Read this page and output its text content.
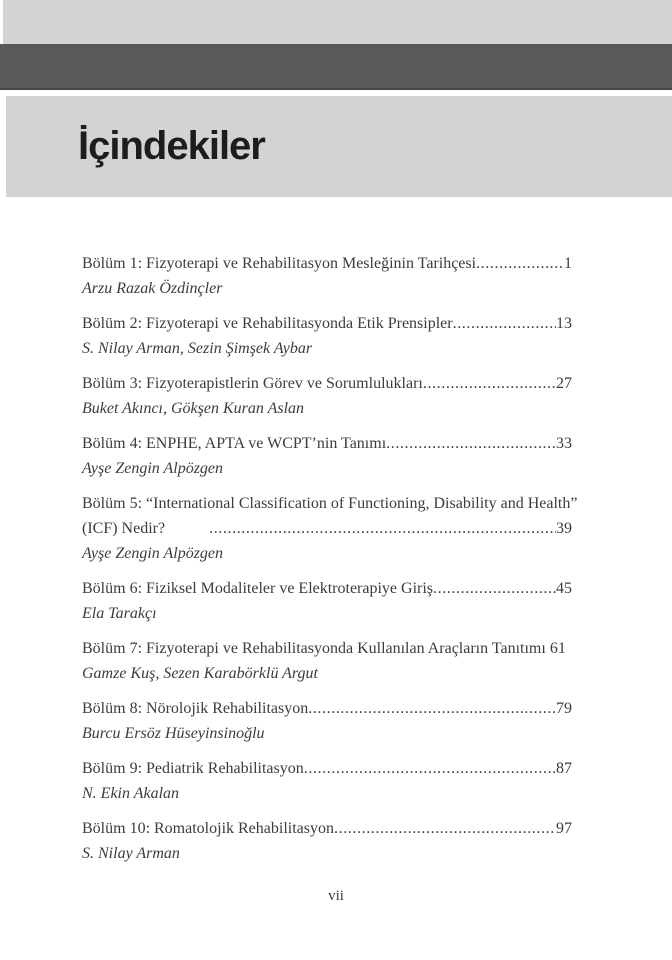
İçindekiler
Bölüm 1: Fizyoterapi ve Rehabilitasyon Mesleğinin Tarihçesi .....	1
Arzu Razak Özdinçler
Bölüm 2: Fizyoterapi ve Rehabilitasyonda Etik Prensipler .....	13
S. Nilay Arman, Sezin Şimşek Aybar
Bölüm 3: Fizyoterapistlerin Görev ve Sorumlulukları .....	27
Buket Akıncı, Gökşen Kuran Aslan
Bölüm 4: ENPHE, APTA ve WCPT’nin Tanımı .....	33
Ayşe Zengin Alpözgen
Bölüm 5: “International Classification of Functioning, Disability and Health”
(ICF) Nedir? .....	39
Ayşe Zengin Alpözgen
Bölüm 6: Fiziksel Modaliteler ve Elektroterapiye Giriş .....	45
Ela Tarakçı
Bölüm 7: Fizyoterapi ve Rehabilitasyonda Kullanılan Araçların Tanıtımı 61
Gamze Kuş, Sezen Karabörklü Argut
Bölüm 8: Nörolojik Rehabilitasyon .....	79
Burcu Ersöz Hüseyinsinoğlu
Bölüm 9: Pediatrik Rehabilitasyon .....	87
N. Ekin Akalan
Bölüm 10: Romatolojik Rehabilitasyon .....	97
S. Nilay Arman
vii
